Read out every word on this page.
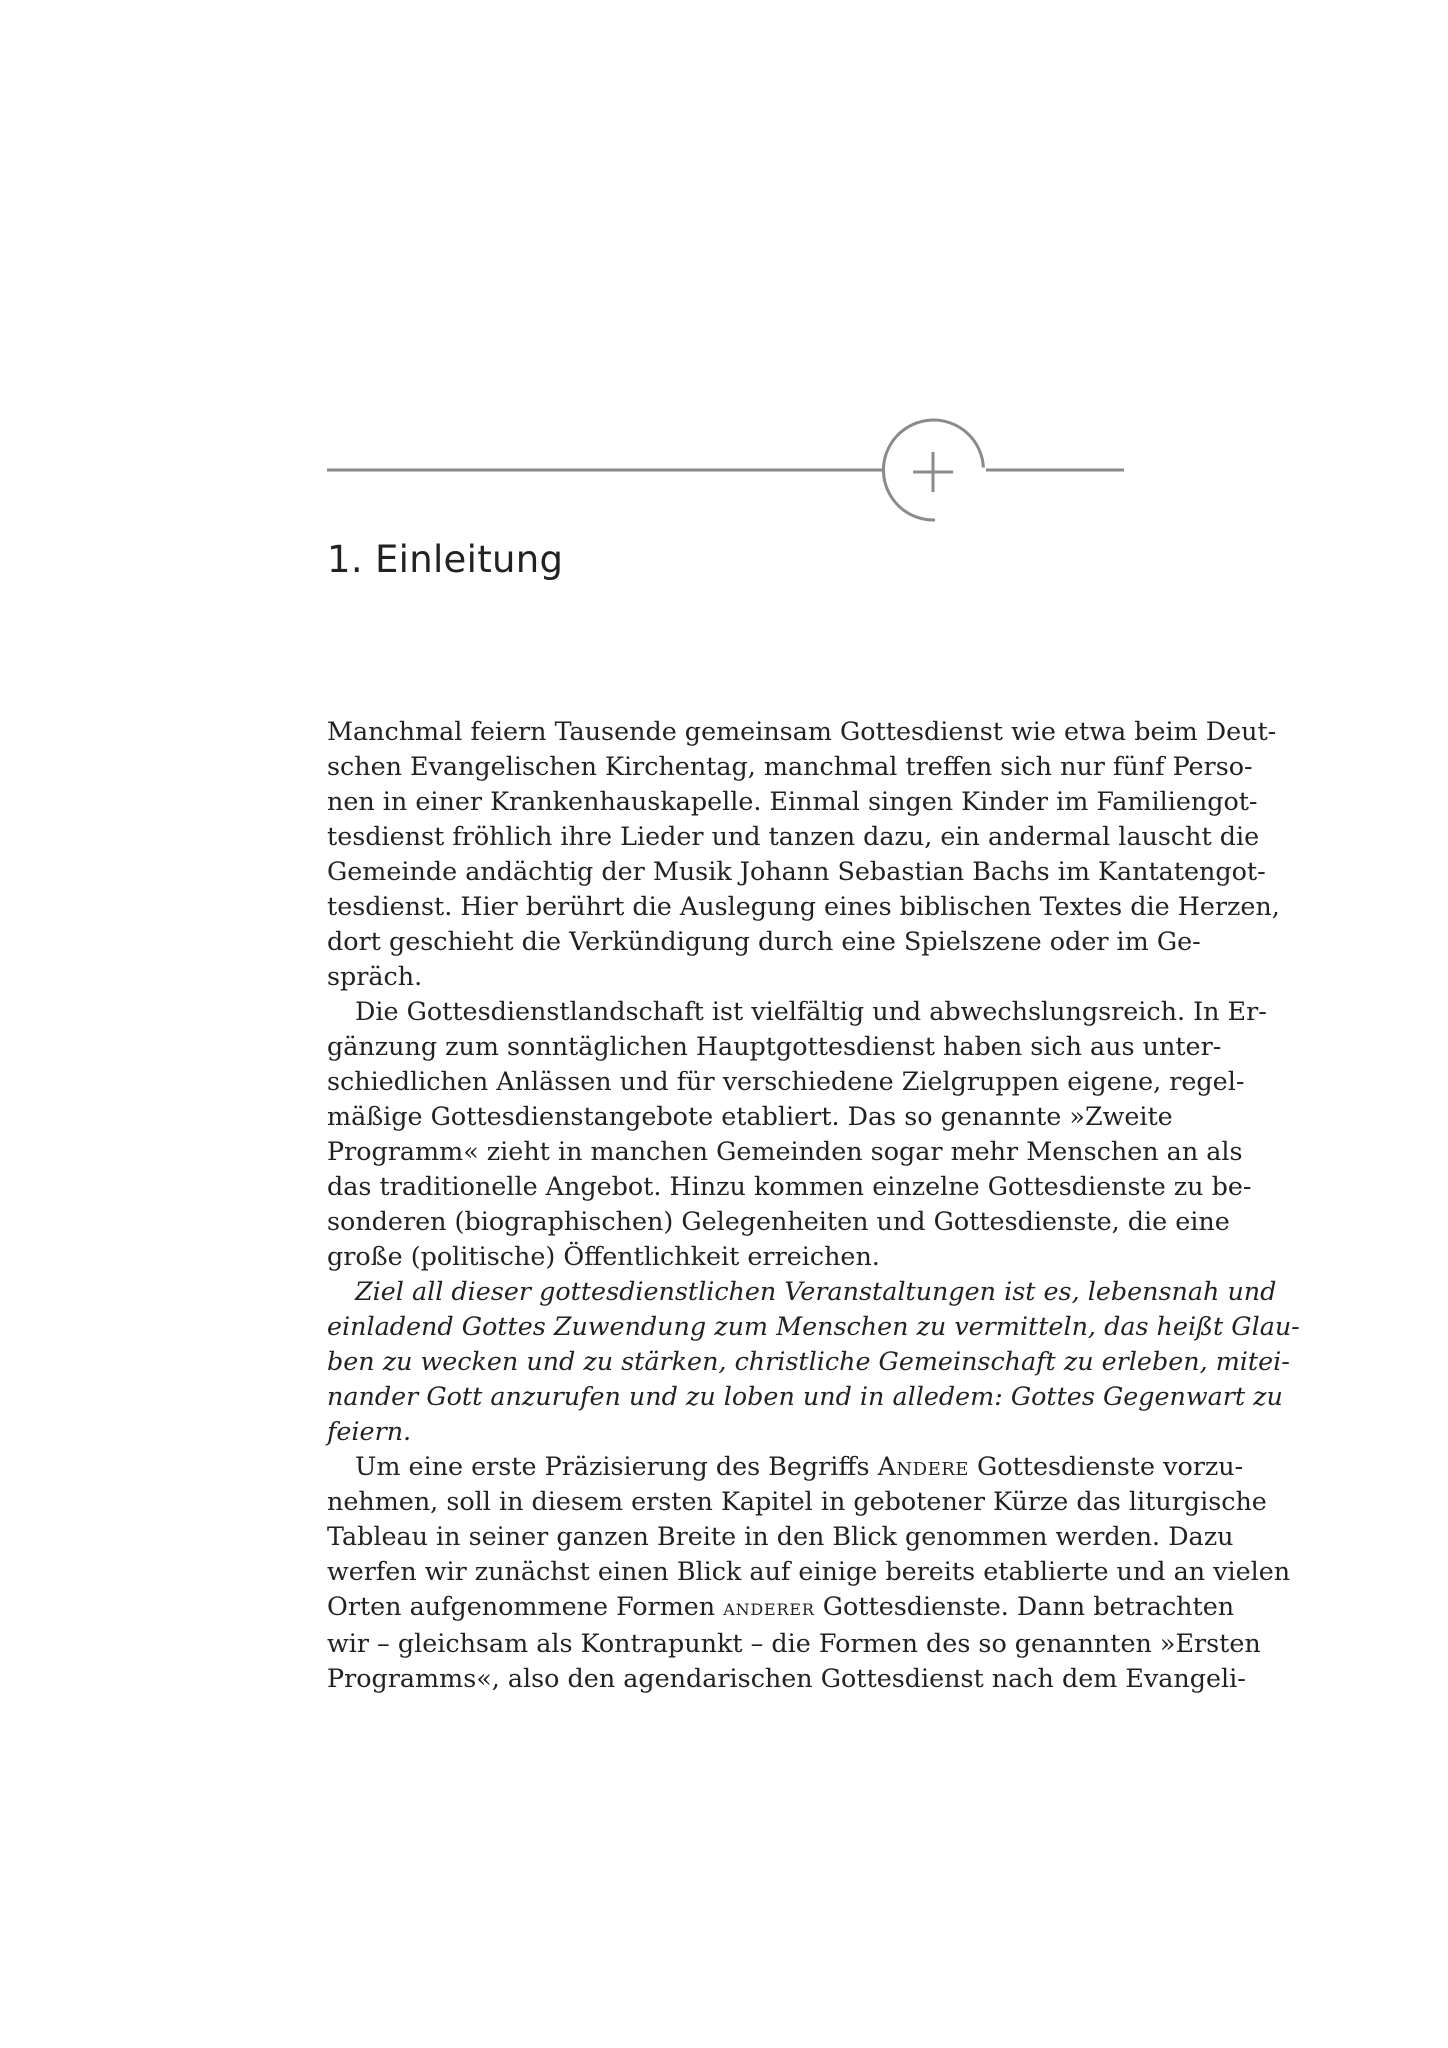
1. Einleitung
Manchmal feiern Tausende gemeinsam Gottesdienst wie etwa beim Deut-
schen Evangelischen Kirchentag, manchmal treffen sich nur fünf Perso-
nen in einer Krankenhauskapelle. Einmal singen Kinder im Familiengot-
tesdienst fröhlich ihre Lieder und tanzen dazu, ein andermal lauscht die
Gemeinde andächtig der Musik Johann Sebastian Bachs im Kantatengot-
tesdienst. Hier berührt die Auslegung eines biblischen Textes die Herzen,
dort geschieht die Verkündigung durch eine Spielszene oder im Ge-
spräch.
Die Gottesdienstlandschaft ist vielfältig und abwechslungsreich. In Er-
gänzung zum sonntäglichen Hauptgottesdienst haben sich aus unter-
schiedlichen Anlässen und für verschiedene Zielgruppen eigene, regel-
mäßige Gottesdienstangebote etabliert. Das so genannte »Zweite
Programm« zieht in manchen Gemeinden sogar mehr Menschen an als
das traditionelle Angebot. Hinzu kommen einzelne Gottesdienste zu be-
sonderen (biographischen) Gelegenheiten und Gottesdienste, die eine
große (politische) Öffentlichkeit erreichen.
Ziel all dieser gottesdienstlichen Veranstaltungen ist es, lebensnah und
einladend Gottes Zuwendung zum Menschen zu vermitteln, das heißt Glau-
ben zu wecken und zu stärken, christliche Gemeinschaft zu erleben, mitei-
nander Gott anzurufen und zu loben und in alledem: Gottes Gegenwart zu
feiern.
Um eine erste Präzisierung des Begriffs Andere Gottesdienste vorzu-
nehmen, soll in diesem ersten Kapitel in gebotener Kürze das liturgische
Tableau in seiner ganzen Breite in den Blick genommen werden. Dazu
werfen wir zunächst einen Blick auf einige bereits etablierte und an vielen
Orten aufgenommene Formen anderer Gottesdienste. Dann betrachten
wir – gleichsam als Kontrapunkt – die Formen des so genannten »Ersten
Programms«, also den agendarischen Gottesdienst nach dem Evangeli-
